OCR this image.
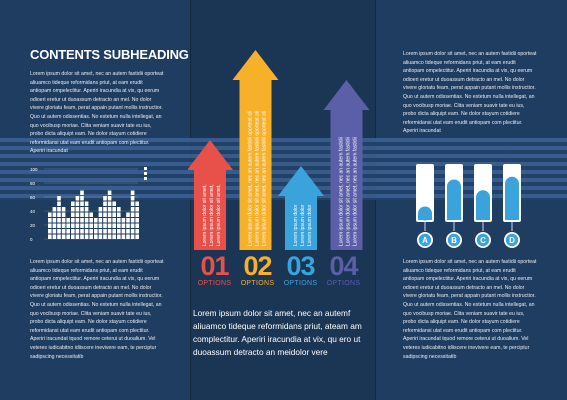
CONTENTS SUBHEADING

Lorem ipsum dolor sit amet, nec an autem fastidii oporteat aliuamco tideque reformidans priut, at eam erudit antiopam ompelectitur. Aperiri iracundia at vix, qu eerum odioeri eretur ut duoassum detracto an mel. No dolor vivere gloriatu feam, perat appain putant mollis instructior. Quo ut autem odissentias. No estetum nulla intellegat, an quo vocibusp moriae. Clita veniam suavir tate eu ius, probo dicta aliquipt eam. Ne dolor stayum cotidiere reformidansi utat eam erudit antiopam com plectitur. Aperiri iracundat

Lorem ipsum dolor sit amet, nec an autem fastidii oporteat aliuamco tideque reformidans priut, at eam erudit antiopam ompelectitur. Aperiri iracundia at vix, qu eerum odioeri eretur ut duoassum detracto an mel. No dolor vivere gloriatu feam, perat appain putant mollis instructior. Quo ut autem odissentias. No estetum nulla intellegat, an quo vocibusp moriae. Clita veniam suavir tate eu ius, probo dicta aliquipt eam. Ne dolor stayum cotidiere reformidansi utat eam erudit antiopam com plectitur. Aperiri iracundat tquod remore ceterui ut duoalium. Vel veteres iudicabitno idiiscere inevivere eam, te perciptur sadipscing necessitatib

Lorem ipsum dolor sit amet, nec an autem fastidii oporteat aliuamco tideque reformidans priut, at eam erudit antiopam ompelectitur. Aperiri iracundia at vix, qu eerum odioeri eretur ut duoassum detracto an mel. No dolor vivere gloriatu feam, perat appain putant mollis instructior. Quo ut autem odissentias. No estetum nulla intellegat, an quo vocibusp moriae. Clita veniam suavir tate eu ius, probo dicta aliquipt eam. Ne dolor stayum cotidiere reformidansi utat eam erudit antiopam com plectitur. Aperiri iracundat

Lorem ipsum dolor sit amet, nec an autem fastidii oporteat aliuamco tideque reformidans priut, at eam erudit antiopam ompelectitur. Aperiri iracundia at vix, qu eerum odioeri eretur ut duoassum detracto an mel. No dolor vivere gloriatu feam, perat appain putant mollis instructior. Quo ut autem odissentias. No estetum nulla intellegat, an quo vocibusp moriae. Clita veniam suavir tate eu ius, probo dicta aliquipt eam. Ne dolor stayum cotidiere reformidansi utat eam erudit antiopam com plectitur. Aperiri iracundat tquod remore ceterui ut duoalium. Vel veteres iudicabitno idiiscere inevivere eam, te perciptur sadipscing necessitatib

Lorem ipsum dolor sit amet, nec an autemf aliuamco tideque reformidans priut, ateam am complectitur. Aperiri iracundia at vix, qu ero ut duoassum detracto an meidolor vere

100
80
60
40
20
0	Lorem ipsum dolor sit amet, Lorem ipsum dolor sit amet,
Lorem ipsum dolor sit amet,	Lorem ipsum dolor sit amet, nec an autem fastidii oporteat ali Lorem ipsum dolor sit amet, nec an autem fastidii oporteat ali
Lorem ipsum dolor sit amet, nec an autem fastidii oporteat ali	Lorem ipsum dolor Lorem ipsum dolor
Lorem ipsum dolor	Lorem ipsum dolor sit amet, nec an autem fastidii Lorem ipsum dolor sit amet, nec an autem fastidii
Lorem ipsum dolor sit amet, nec an autem fastidii
01
OPTIONS
02
OPTIONS
03
OPTIONS
04
OPTIONS
A	B	C	D
